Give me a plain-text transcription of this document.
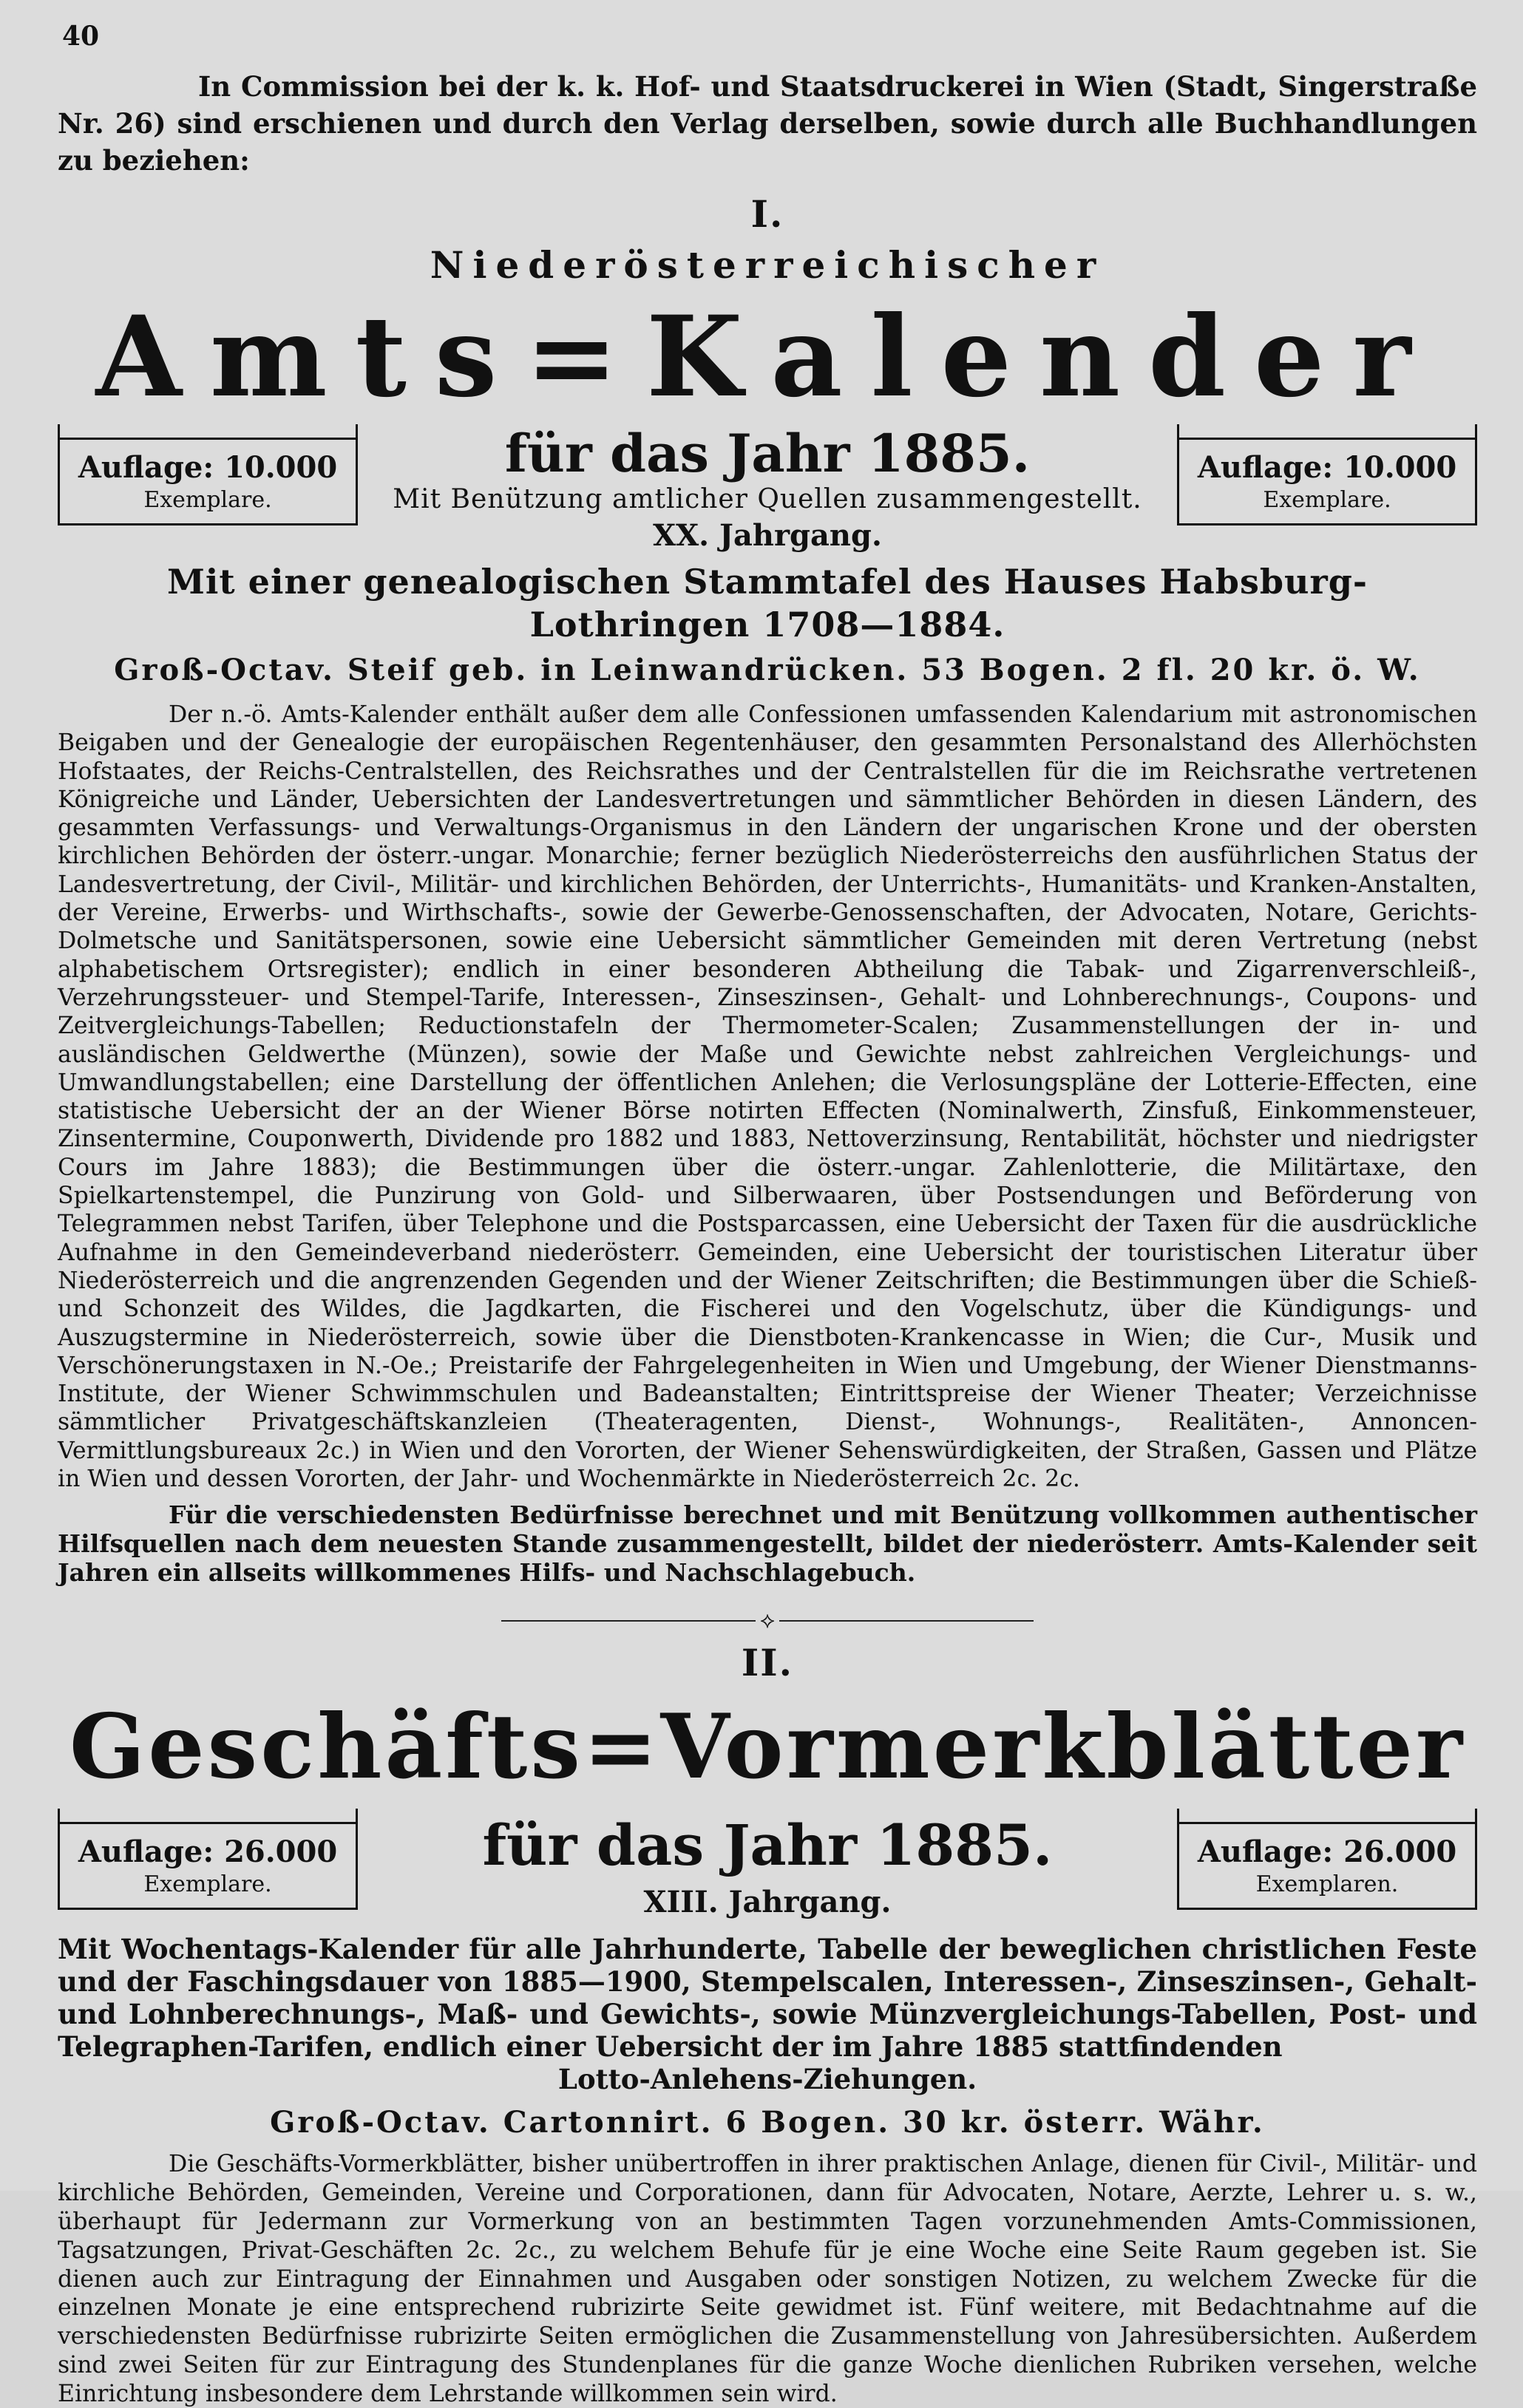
40

In Commission bei der k. k. Hof- und Staatsdruckerei in Wien (Stadt, Singerstraße Nr. 26) sind erschienen und durch den Verlag derselben, sowie durch alle Buchhandlungen zu beziehen:

I.
Niederösterreichischer
Amts=Kalender
Auflage: 10.000
Exemplare.
für das Jahr 1885.
Mit Benützung amtlicher Quellen zusammengestellt.
XX. Jahrgang.
Auflage: 10.000
Exemplare.
Mit einer genealogischen Stammtafel des Hauses Habsburg-Lothringen 1708—1884.
Groß-Octav. Steif geb. in Leinwandrücken. 53 Bogen. 2 fl. 20 kr. ö. W.

Der n.-ö. Amts-Kalender enthält außer dem alle Confessionen umfassenden Kalendarium mit astronomischen Beigaben und der Genealogie der europäischen Regentenhäuser, den gesammten Personalstand des Allerhöchsten Hofstaates, der Reichs-Centralstellen, des Reichsrathes und der Centralstellen für die im Reichsrathe vertretenen Königreiche und Länder, Uebersichten der Landesvertretungen und sämmtlicher Behörden in diesen Ländern, des gesammten Verfassungs- und Verwaltungs-Organismus in den Ländern der ungarischen Krone und der obersten kirchlichen Behörden der österr.-ungar. Monarchie; ferner bezüglich Niederösterreichs den ausführlichen Status der Landesvertretung, der Civil-, Militär- und kirchlichen Behörden, der Unterrichts-, Humanitäts- und Kranken-Anstalten, der Vereine, Erwerbs- und Wirthschafts-, sowie der Gewerbe-Genossenschaften, der Advocaten, Notare, Gerichts-Dolmetsche und Sanitätspersonen, sowie eine Uebersicht sämmtlicher Gemeinden mit deren Vertretung (nebst alphabetischem Ortsregister); endlich in einer besonderen Abtheilung die Tabak- und Zigarrenverschleiß-, Verzehrungssteuer- und Stempel-Tarife, Interessen-, Zinseszinsen-, Gehalt- und Lohnberechnungs-, Coupons- und Zeitvergleichungs-Tabellen; Reductionstafeln der Thermometer-Scalen; Zusammenstellungen der in- und ausländischen Geldwerthe (Münzen), sowie der Maße und Gewichte nebst zahlreichen Vergleichungs- und Umwandlungstabellen; eine Darstellung der öffentlichen Anlehen; die Verlosungspläne der Lotterie-Effecten, eine statistische Uebersicht der an der Wiener Börse notirten Effecten (Nominalwerth, Zinsfuß, Einkommensteuer, Zinsentermine, Couponwerth, Dividende pro 1882 und 1883, Nettoverzinsung, Rentabilität, höchster und niedrigster Cours im Jahre 1883); die Bestimmungen über die österr.-ungar. Zahlenlotterie, die Militärtaxe, den Spielkartenstempel, die Punzirung von Gold- und Silberwaaren, über Postsendungen und Beförderung von Telegrammen nebst Tarifen, über Telephone und die Postsparcassen, eine Uebersicht der Taxen für die ausdrückliche Aufnahme in den Gemeindeverband niederösterr. Gemeinden, eine Uebersicht der touristischen Literatur über Niederösterreich und die angrenzenden Gegenden und der Wiener Zeitschriften; die Bestimmungen über die Schieß- und Schonzeit des Wildes, die Jagdkarten, die Fischerei und den Vogelschutz, über die Kündigungs- und Auszugstermine in Niederösterreich, sowie über die Dienstboten-Krankencasse in Wien; die Cur-, Musik und Verschönerungstaxen in N.-Oe.; Preistarife der Fahrgelegenheiten in Wien und Umgebung, der Wiener Dienstmanns-Institute, der Wiener Schwimmschulen und Badeanstalten; Eintrittspreise der Wiener Theater; Verzeichnisse sämmtlicher Privatgeschäftskanzleien (Theateragenten, Dienst-, Wohnungs-, Realitäten-, Annoncen-Vermittlungsbureaux 2c.) in Wien und den Vororten, der Wiener Sehenswürdigkeiten, der Straßen, Gassen und Plätze in Wien und dessen Vororten, der Jahr- und Wochenmärkte in Niederösterreich 2c. 2c.

Für die verschiedensten Bedürfnisse berechnet und mit Benützung vollkommen authentischer Hilfsquellen nach dem neuesten Stande zusammengestellt, bildet der niederösterr. Amts-Kalender seit Jahren ein allseits willkommenes Hilfs- und Nachschlagebuch.

⟡
II.
Geschäfts=Vormerkblätter
Auflage: 26.000
Exemplare.
für das Jahr 1885.
XIII. Jahrgang.
Auflage: 26.000
Exemplaren.

Mit Wochentags-Kalender für alle Jahrhunderte, Tabelle der beweglichen christlichen Feste und der Faschingsdauer von 1885—1900, Stempelscalen, Interessen-, Zinseszinsen-, Gehalt- und Lohnberechnungs-, Maß- und Gewichts-, sowie Münzvergleichungs-Tabellen, Post- und Telegraphen-Tarifen, endlich einer Uebersicht der im Jahre 1885 stattfindenden
Lotto-Anlehens-Ziehungen.

Groß-Octav. Cartonnirt. 6 Bogen. 30 kr. österr. Währ.

Die Geschäfts-Vormerkblätter, bisher unübertroffen in ihrer praktischen Anlage, dienen für Civil-, Militär- und kirchliche Behörden, Gemeinden, Vereine und Corporationen, dann für Advocaten, Notare, Aerzte, Lehrer u. s. w., überhaupt für Jedermann zur Vormerkung von an bestimmten Tagen vorzunehmenden Amts-Commissionen, Tagsatzungen, Privat-Geschäften 2c. 2c., zu welchem Behufe für je eine Woche eine Seite Raum gegeben ist. Sie dienen auch zur Eintragung der Einnahmen und Ausgaben oder sonstigen Notizen, zu welchem Zwecke für die einzelnen Monate je eine entsprechend rubrizirte Seite gewidmet ist. Fünf weitere, mit Bedachtnahme auf die verschiedensten Bedürfnisse rubrizirte Seiten ermöglichen die Zusammenstellung von Jahresübersichten. Außerdem sind zwei Seiten für zur Eintragung des Stundenplanes für die ganze Woche dienlichen Rubriken versehen, welche Einrichtung insbesondere dem Lehrstande willkommen sein wird.
